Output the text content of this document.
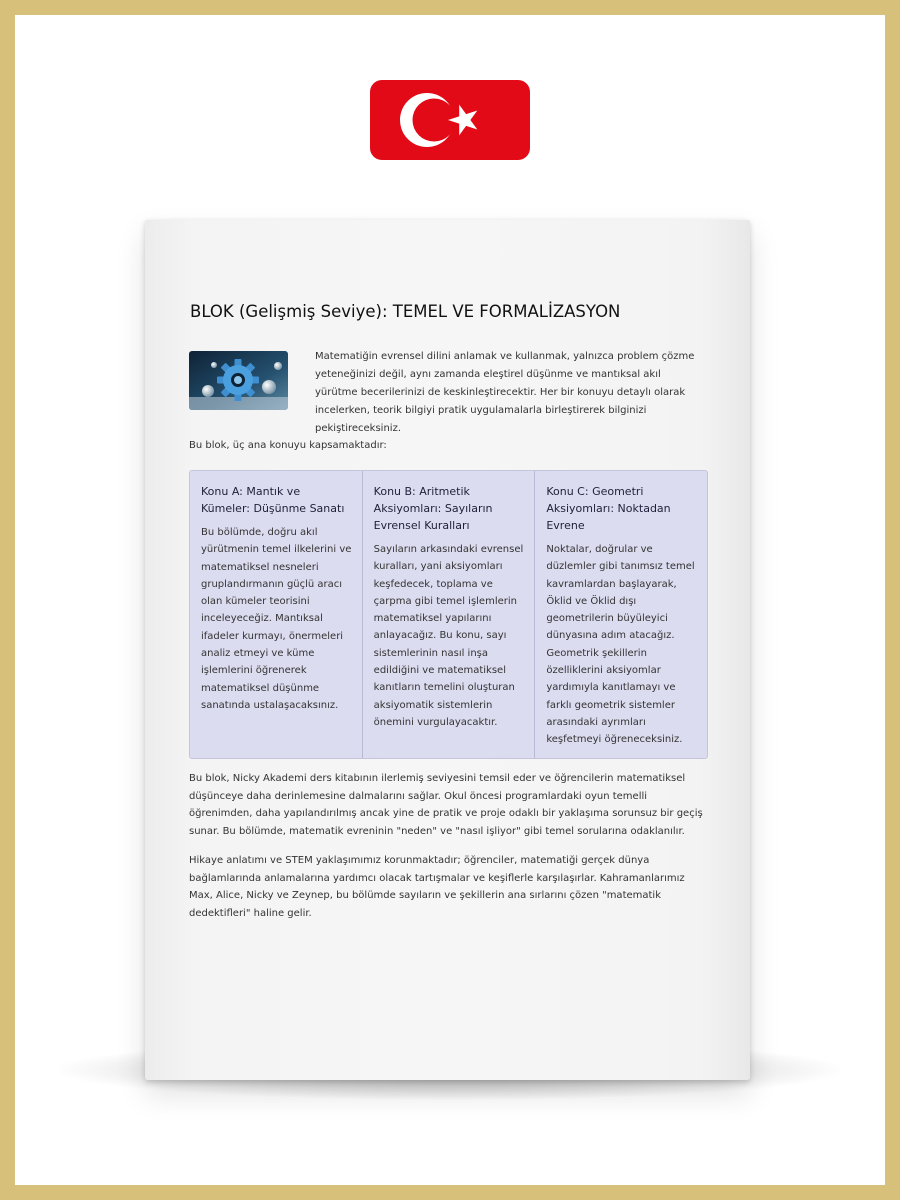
BLOK (Gelişmiş Seviye): TEMEL VE FORMALİZASYON
Matematiğin evrensel dilini anlamak ve kullanmak, yalnızca problem çözme yeteneğinizi değil, aynı zamanda eleştirel düşünme ve mantıksal akıl yürütme becerilerinizi de keskinleştirecektir. Her bir konuyu detaylı olarak incelerken, teorik bilgiyi pratik uygulamalarla birleştirerek bilginizi pekiştireceksiniz.
Bu blok, üç ana konuyu kapsamaktadır:
Konu A: Mantık ve Kümeler: Düşünme Sanatı
Bu bölümde, doğru akıl yürütmenin temel ilkelerini ve matematiksel nesneleri gruplandırmanın güçlü aracı olan kümeler teorisini inceleyeceğiz. Mantıksal ifadeler kurmayı, önermeleri analiz etmeyi ve küme işlemlerini öğrenerek matematiksel düşünme sanatında ustalaşacaksınız.
Konu B: Aritmetik Aksiyomları: Sayıların Evrensel Kuralları
Sayıların arkasındaki evrensel kuralları, yani aksiyomları keşfedecek, toplama ve çarpma gibi temel işlemlerin matematiksel yapılarını anlayacağız. Bu konu, sayı sistemlerinin nasıl inşa edildiğini ve matematiksel kanıtların temelini oluşturan aksiyomatik sistemlerin önemini vurgulayacaktır.
Konu C: Geometri Aksiyomları: Noktadan Evrene
Noktalar, doğrular ve düzlemler gibi tanımsız temel kavramlardan başlayarak, Öklid ve Öklid dışı geometrilerin büyüleyici dünyasına adım atacağız. Geometrik şekillerin özelliklerini aksiyomlar yardımıyla kanıtlamayı ve farklı geometrik sistemler arasındaki ayrımları keşfetmeyi öğreneceksiniz.
Bu blok, Nicky Akademi ders kitabının ilerlemiş seviyesini temsil eder ve öğrencilerin matematiksel düşünceye daha derinlemesine dalmalarını sağlar. Okul öncesi programlardaki oyun temelli öğrenimden, daha yapılandırılmış ancak yine de pratik ve proje odaklı bir yaklaşıma sorunsuz bir geçiş sunar. Bu bölümde, matematik evreninin "neden" ve "nasıl işliyor" gibi temel sorularına odaklanılır.
Hikaye anlatımı ve STEM yaklaşımımız korunmaktadır; öğrenciler, matematiği gerçek dünya bağlamlarında anlamalarına yardımcı olacak tartışmalar ve keşiflerle karşılaşırlar. Kahramanlarımız Max, Alice, Nicky ve Zeynep, bu bölümde sayıların ve şekillerin ana sırlarını çözen "matematik dedektifleri" haline gelir.
